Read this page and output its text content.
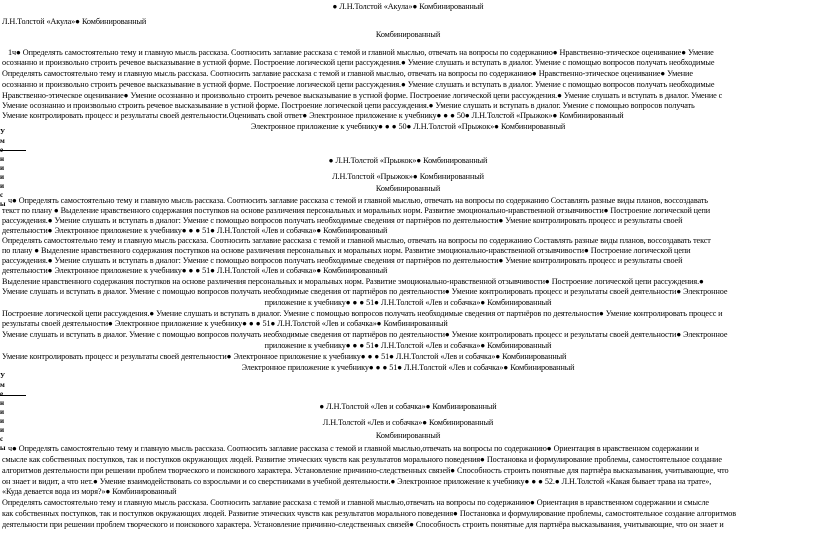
● Л.Н.Толстой «Акула»● Комбинированный
Л.Н.Толстой «Акула»● Комбинированный
Комбинированный
1ч● Определять самостоятельно тему и главную мысль рассказа. Соотносить заглавие рассказа с темой и главной мыслью, отвечать на вопросы по содержанию● Нравственно-этическое оценивание● Умение
осознанно и произвольно строить речевое высказывание в устной форме. Построение логической цепи рассуждения.● Умение слушать и вступать в диалог. Умение с помощью вопросов получать необходимые
Определять самостоятельно тему и главную мысль рассказа. Соотносить заглавие рассказа с темой и главной мыслью, отвечать на вопросы по содержанию● Нравственно-этическое оценивание● Умение
осознанно и произвольно строить речевое высказывание в устной форме. Построение логической цепи рассуждения.● Умение слушать и вступать в диалог. Умение с помощью вопросов получать необходимые
Нравственно-этическое оценивание● Умение осознанно и произвольно строить речевое высказывание в устной форме. Построение логической цепи рассуждения.● Умение слушать и вступать в диалог. Умение с
Умение осознанно и произвольно строить речевое высказывание в устной форме. Построение логической цепи рассуждения.● Умение слушать и вступать в диалог. Умение с помощью вопросов получать
Умение контролировать процесс и результаты своей деятельности.Оценивать свой ответ● Электронное приложение к учебнику● ● ● 50● Л.Н.Толстой «Прыжок»● Комбинированный
Электронное приложение к учебнику● ● ● 50● Л.Н.Толстой «Прыжок»● Комбинированный
Уменииисы
● Л.Н.Толстой «Прыжок»● Комбинированный
Л.Н.Толстой «Прыжок»● Комбинированный
Комбинированный
ч● Определять самостоятельно тему и главную мысль рассказа. Соотносить заглавие рассказа с темой и главной мыслью, отвечать на вопросы по содержанию Составлять разные виды планов, воссоздавать
текст по плану ● Выделение нравственного содержания поступков на основе различения персональных и моральных норм. Развитие эмоционально-нравственной отзывчивости● Построение логической цепи
рассуждения.● Умение слушать и вступать в диалог: Умение с помощью вопросов получать необходимые сведения от партнёров по деятельности● Умение контролировать процесс и результаты своей
деятельности● Электронное приложение к учебнику● ● ● 51● Л.Н.Толстой «Лев и собачка»● Комбинированный
Определять самостоятельно тему и главную мысль рассказа. Соотносить заглавие рассказа с темой и главной мыслью, отвечать на вопросы по содержанию Составлять разные виды планов, воссоздавать текст
по плану ● Выделение нравственного содержания поступков на основе различения персональных и моральных норм. Развитие эмоционально-нравственной отзывчивости● Построение логической цепи
рассуждения.● Умение слушать и вступать в диалог: Умение с помощью вопросов получать необходимые сведения от партнёров по деятельности● Умение контролировать процесс и результаты своей
деятельности● Электронное приложение к учебнику● ● ● 51● Л.Н.Толстой «Лев и собачка»● Комбинированный
Выделение нравственного содержания поступков на основе различения персональных и моральных норм. Развитие эмоционально-нравственной отзывчивости● Построение логической цепи рассуждения.●
Умение слушать и вступать в диалог. Умение с помощью вопросов получать необходимые сведения от партнёров по деятельности● Умение контролировать процесс и результаты своей деятельности● Электронное
приложение к учебнику● ● ● 51● Л.Н.Толстой «Лев и собачка»● Комбинированный
Построение логической цепи рассуждения.● Умение слушать и вступать в диалог. Умение с помощью вопросов получать необходимые сведения от партнёров по деятельности● Умение контролировать процесс и
результаты своей деятельности● Электронное приложение к учебнику● ● ● 51● Л.Н.Толстой «Лев и собачка»● Комбинированный
Умение слушать и вступать в диалог. Умение с помощью вопросов получать необходимые сведения от партнёров по деятельности● Умение контролировать процесс и результаты своей деятельности● Электронное
приложение к учебнику● ● ● 51● Л.Н.Толстой «Лев и собачка»● Комбинированный
Умение контролировать процесс и результаты своей деятельности● Электронное приложение к учебнику● ● ● 51● Л.Н.Толстой «Лев и собачка»● Комбинированный
Электронное приложение к учебнику● ● ● 51● Л.Н.Толстой «Лев и собачка»● Комбинированный
Уменииисы
● Л.Н.Толстой «Лев и собачка»● Комбинированный
Л.Н.Толстой «Лев и собачка»● Комбинированный
Комбинированный
ч● Определять самостоятельно тему и главную мысль рассказа. Соотносить заглавие рассказа с темой и главной мыслью,отвечать на вопросы по содержанию● Ориентация в нравственном содержании и
смысле как собственных поступков, так и поступков окружающих людей. Развитие этических чувств как результатов морального поведения● Постановка и формулирование проблемы, самостоятельное создание
алгоритмов деятельности при решении проблем творческого и поискового характера. Установление причинно-следственных связей● Способность строить понятные для партнёра высказывания, учитывающие, что
он знает и видит, а что нет.● Умение взаимодействовать со взрослыми и со сверстниками в учебной деятельности.● Электронное приложение к учебнику● ● ● 52.● Л.Н.Толстой «Какая бывает трава на трате»,
«Куда девается вода из моря?»● Комбинированный
Определять самостоятельно тему и главную мысль рассказа. Соотносить заглавие рассказа с темой и главной мыслью,отвечать на вопросы по содержанию● Ориентация в нравственном содержании и смысле
как собственных поступков, так и поступков окружающих людей. Развитие этических чувств как результатов морального поведения● Постановка и формулирование проблемы, самостоятельное создание алгоритмов
деятельности при решении проблем творческого и поискового характера. Установление причинно-следственных связей● Способность строить понятные для партнёра высказывания, учитывающие, что он знает и
